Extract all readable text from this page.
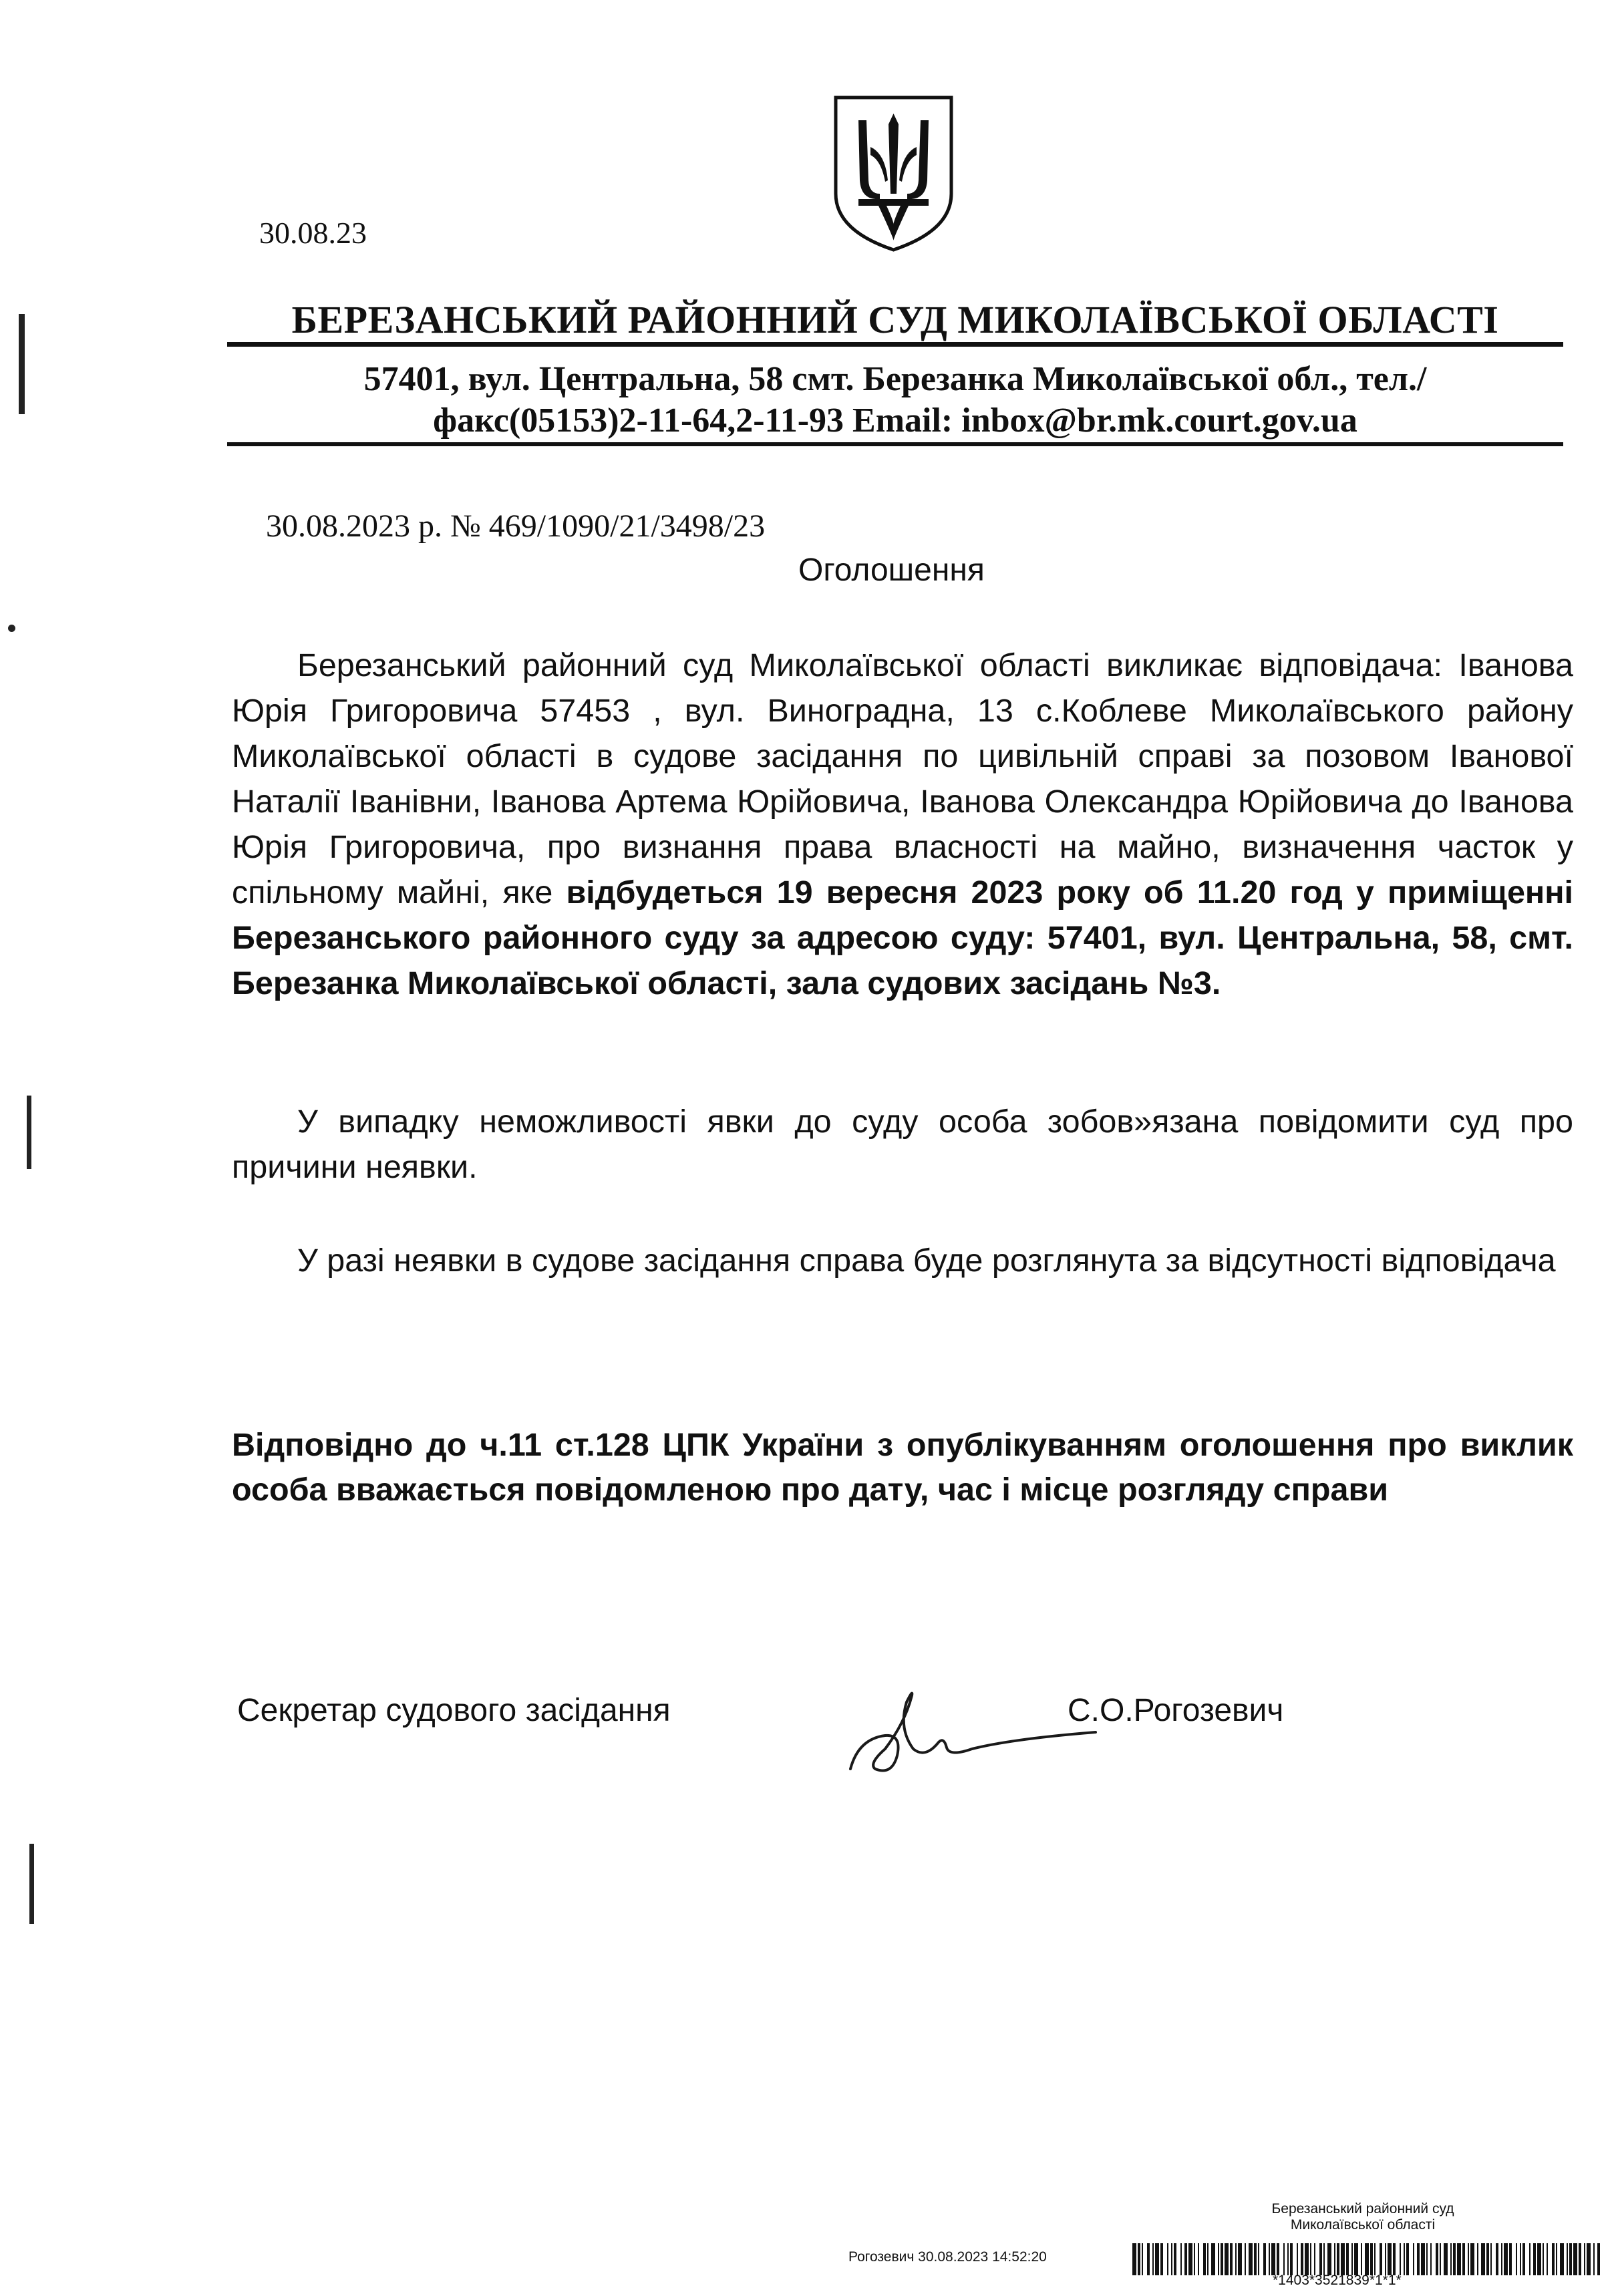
30.08.23
БЕРЕЗАНСЬКИЙ РАЙОННИЙ СУД МИКОЛАЇВСЬКОЇ ОБЛАСТІ
57401, вул. Центральна, 58 смт. Березанка Миколаївської обл., тел./
факс(05153)2-11-64,2-11-93 Email: inbox@br.mk.court.gov.ua
30.08.2023 р. № 469/1090/21/3498/23
Оголошення

Березанський районний суд Миколаївської області викликає відповідача: Іванова Юрія Григоровича 57453 , вул. Виноградна, 13 с.Коблеве Миколаївського району Миколаївської області в судове засідання по цивільній справі за позовом Іванової Наталії Іванівни, Іванова Артема Юрійовича, Іванова Олександра Юрійовича до Іванова Юрія Григоровича, про визнання права власності на майно, визначення часток у спільному майні, яке відбудеться 19 вересня 2023 року об 11.20 год у приміщенні Березанського районного суду за адресою суду: 57401, вул. Центральна, 58, смт. Березанка Миколаївської області, зала судових засідань №3.

У випадку неможливості явки до суду особа зобов»язана повідомити суд про причини неявки.

У разі неявки в судове засідання справа буде розглянута за відсутності відповідача

Відповідно до ч.11 ст.128 ЦПК України з опублікуванням оголошення про виклик особа вважається повідомленою про дату, час і місце розгляду справи

Секретар судового засідання	С.О.Рогозевич
Березанський районний суд
Миколаївської області
Рогозевич 30.08.2023 14:52:20
*1403*3521839*1*1*
